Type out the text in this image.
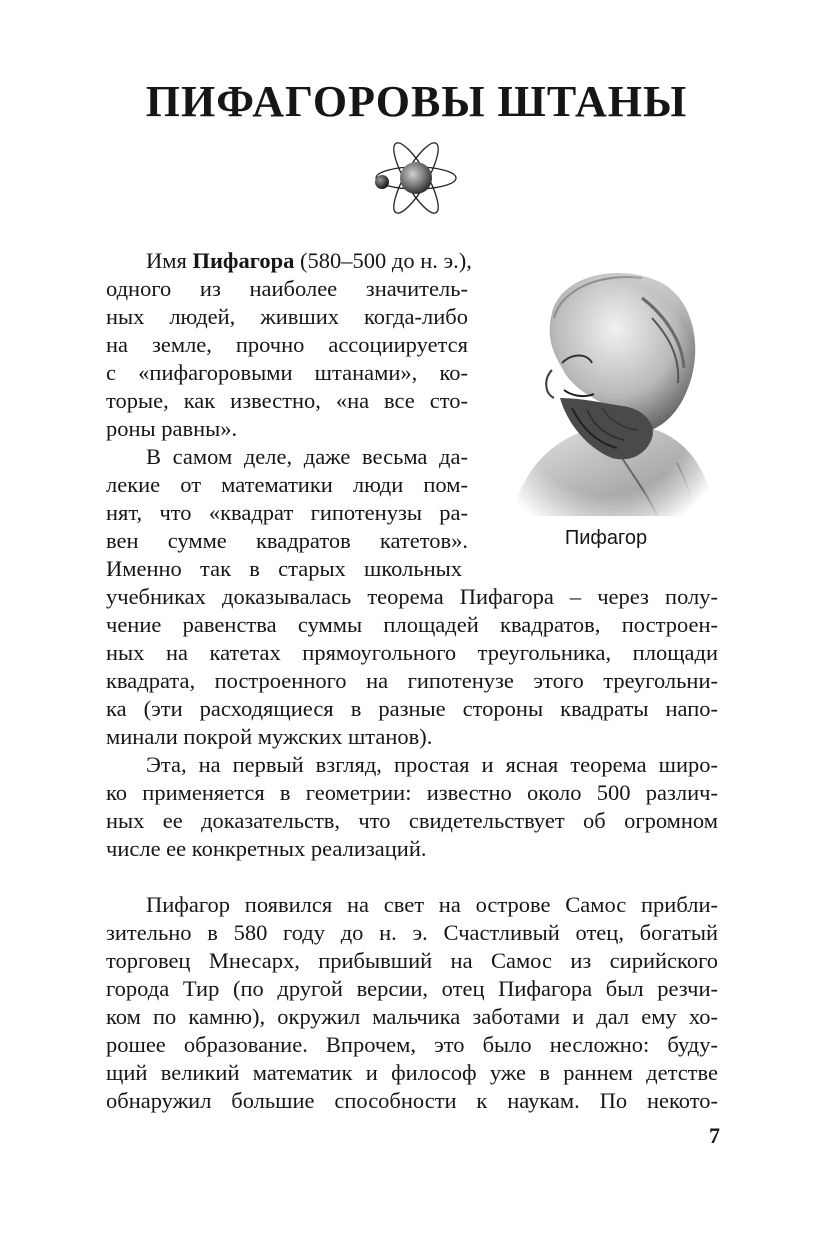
ПИФАГОРОВЫ ШТАНЫ
Пифагор
Имя Пифагора (580–500 до н. э.),
одного из наиболее значитель-
ных людей, живших когда-либо
на земле, прочно ассоциируется
с «пифагоровыми штанами», ко-
торые, как известно, «на все сто-
роны равны».
В самом деле, даже весьма да-
лекие от математики люди пом-
нят, что «квадрат гипотенузы ра-
вен сумме квадратов катетов».
Именно так в старых школьных
учебниках доказывалась теорема Пифагора – через полу-
чение равенства суммы площадей квадратов, построен-
ных на катетах прямоугольного треугольника, площади
квадрата, построенного на гипотенузе этого треугольни-
ка (эти расходящиеся в разные стороны квадраты напо-
минали покрой мужских штанов).
Эта, на первый взгляд, простая и ясная теорема широ-
ко применяется в геометрии: известно около 500 различ-
ных ее доказательств, что свидетельствует об огромном
числе ее конкретных реализаций.
Пифагор появился на свет на острове Самос прибли-
зительно в 580 году до н. э. Счастливый отец, богатый
торговец Мнесарх, прибывший на Самос из сирийского
города Тир (по другой версии, отец Пифагора был резчи-
ком по камню), окружил мальчика заботами и дал ему хо-
рошее образование. Впрочем, это было несложно: буду-
щий великий математик и философ уже в раннем детстве
обнаружил большие способности к наукам. По некото-
7
